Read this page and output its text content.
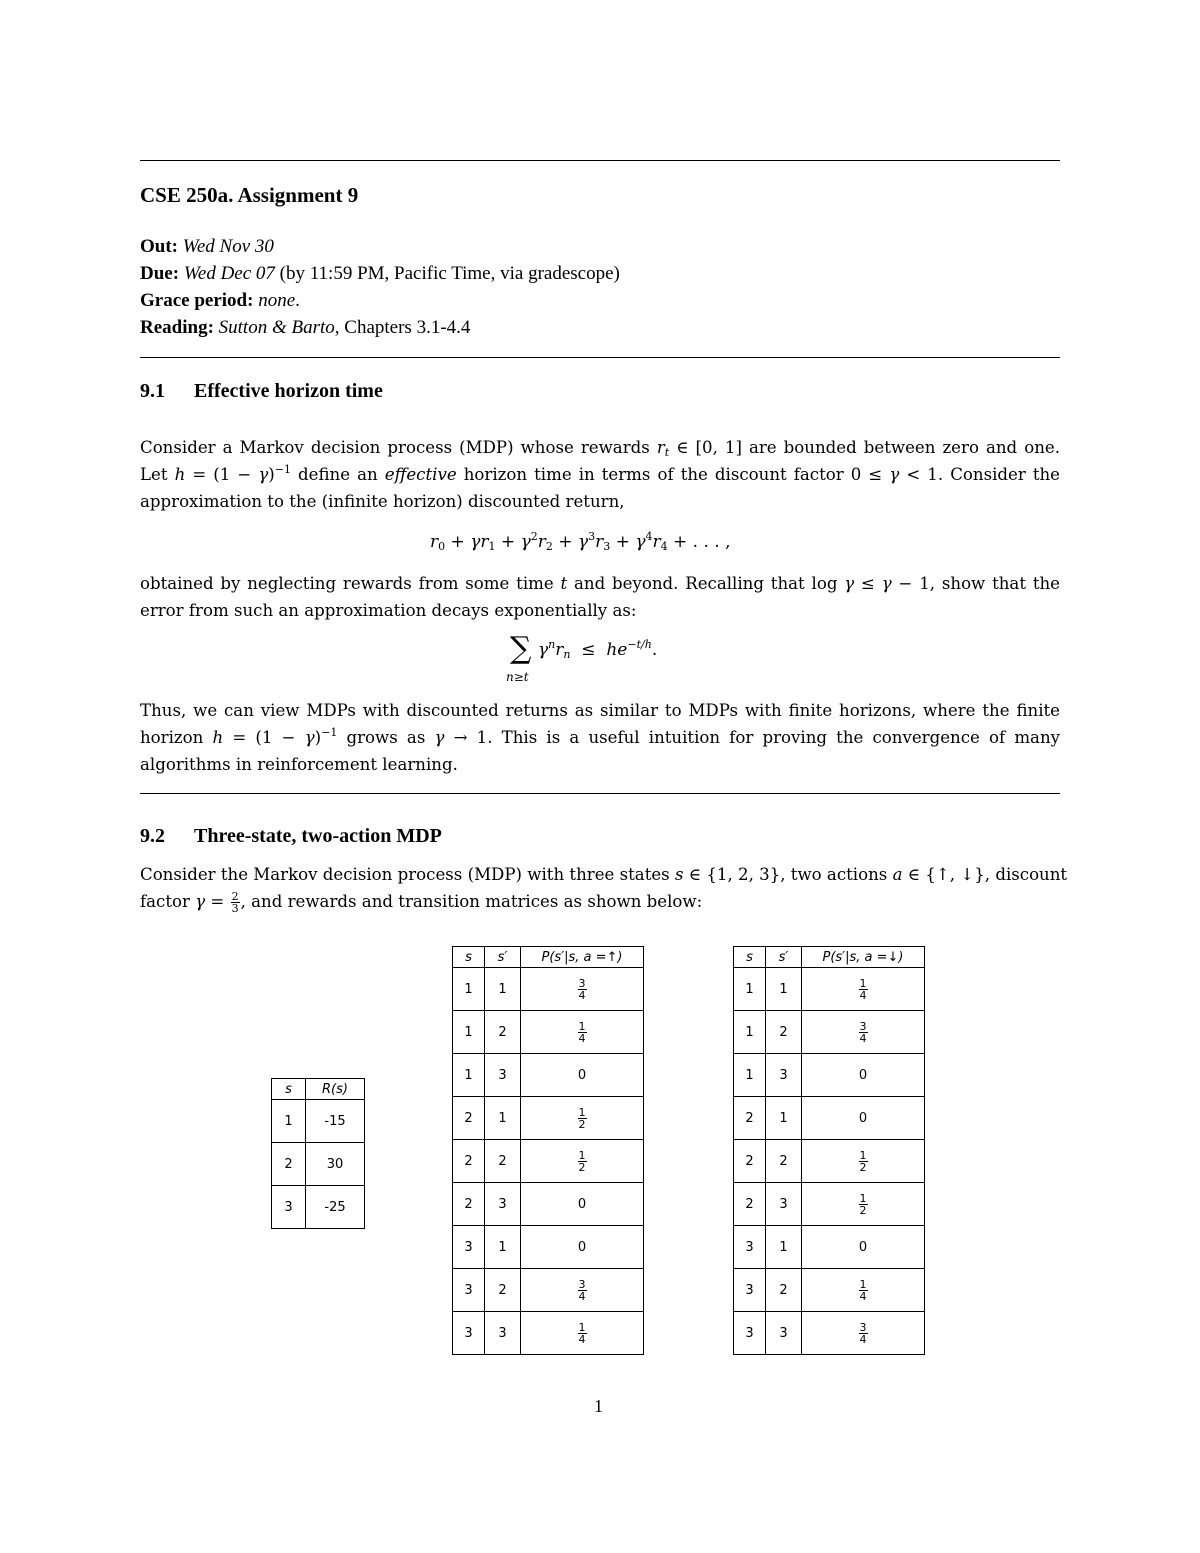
CSE 250a. Assignment 9
Out: Wed Nov 30
Due: Wed Dec 07 (by 11:59 PM, Pacific Time, via gradescope)
Grace period: none.
Reading: Sutton & Barto, Chapters 3.1-4.4
9.1 Effective horizon time
Consider a Markov decision process (MDP) whose rewards $r_t$ ∈ [0, 1] are bounded between zero and one.
Let $h = (1 - \gamma)^{-1}$ define an effective horizon time in terms of the discount factor 0 ≤ γ < 1. Consider the
approximation to the (infinite horizon) discounted return,
$r_0 + \gamma r_1 + \gamma^2r_2 + \gamma^3r_3 + \gamma^4r_4$ + . . . ,
obtained by neglecting rewards from some time t and beyond. Recalling that log γ ≤ γ − 1, show that the
error from such an approximation decays exponentially as:
∑
n≥t
$\gamma^nr_n \le he^{-t/h}$.
Thus, we can view MDPs with discounted returns as similar to MDPs with finite horizons, where the finite
horizon $h = (1 - \gamma)^{-1}$ grows as γ → 1. This is a useful intuition for proving the convergence of many
algorithms in reinforcement learning.
9.2 Three-state, two-action MDP
Consider the Markov decision process (MDP) with three states s ∈ {1, 2, 3}, two actions a ∈ {↑, ↓}, discount
factor $\gamma = \frac{2}{3}$ , and rewards and transition matrices as shown below:
s	R(s)
1	-15
2	30
3	-25
s	s′	P(s′|s, a =↑)
1	1	$\frac{3}{4}$

1	2	$\frac{1}{4}$

1	3	0
2	1	$\frac{1}{2}$

2	2	$\frac{1}{2}$

2	3	0
3	1	0
3	2	$\frac{3}{4}$

3	3	$\frac{1}{4}$
s	s′	P(s′|s, a =↓)
1	1	$\frac{1}{4}$

1	2	$\frac{3}{4}$

1	3	0
2	1	0
2	2	$\frac{1}{2}$

2	3	$\frac{1}{2}$

3	1	0
3	2	$\frac{1}{4}$

3	3	$\frac{3}{4}$
1
